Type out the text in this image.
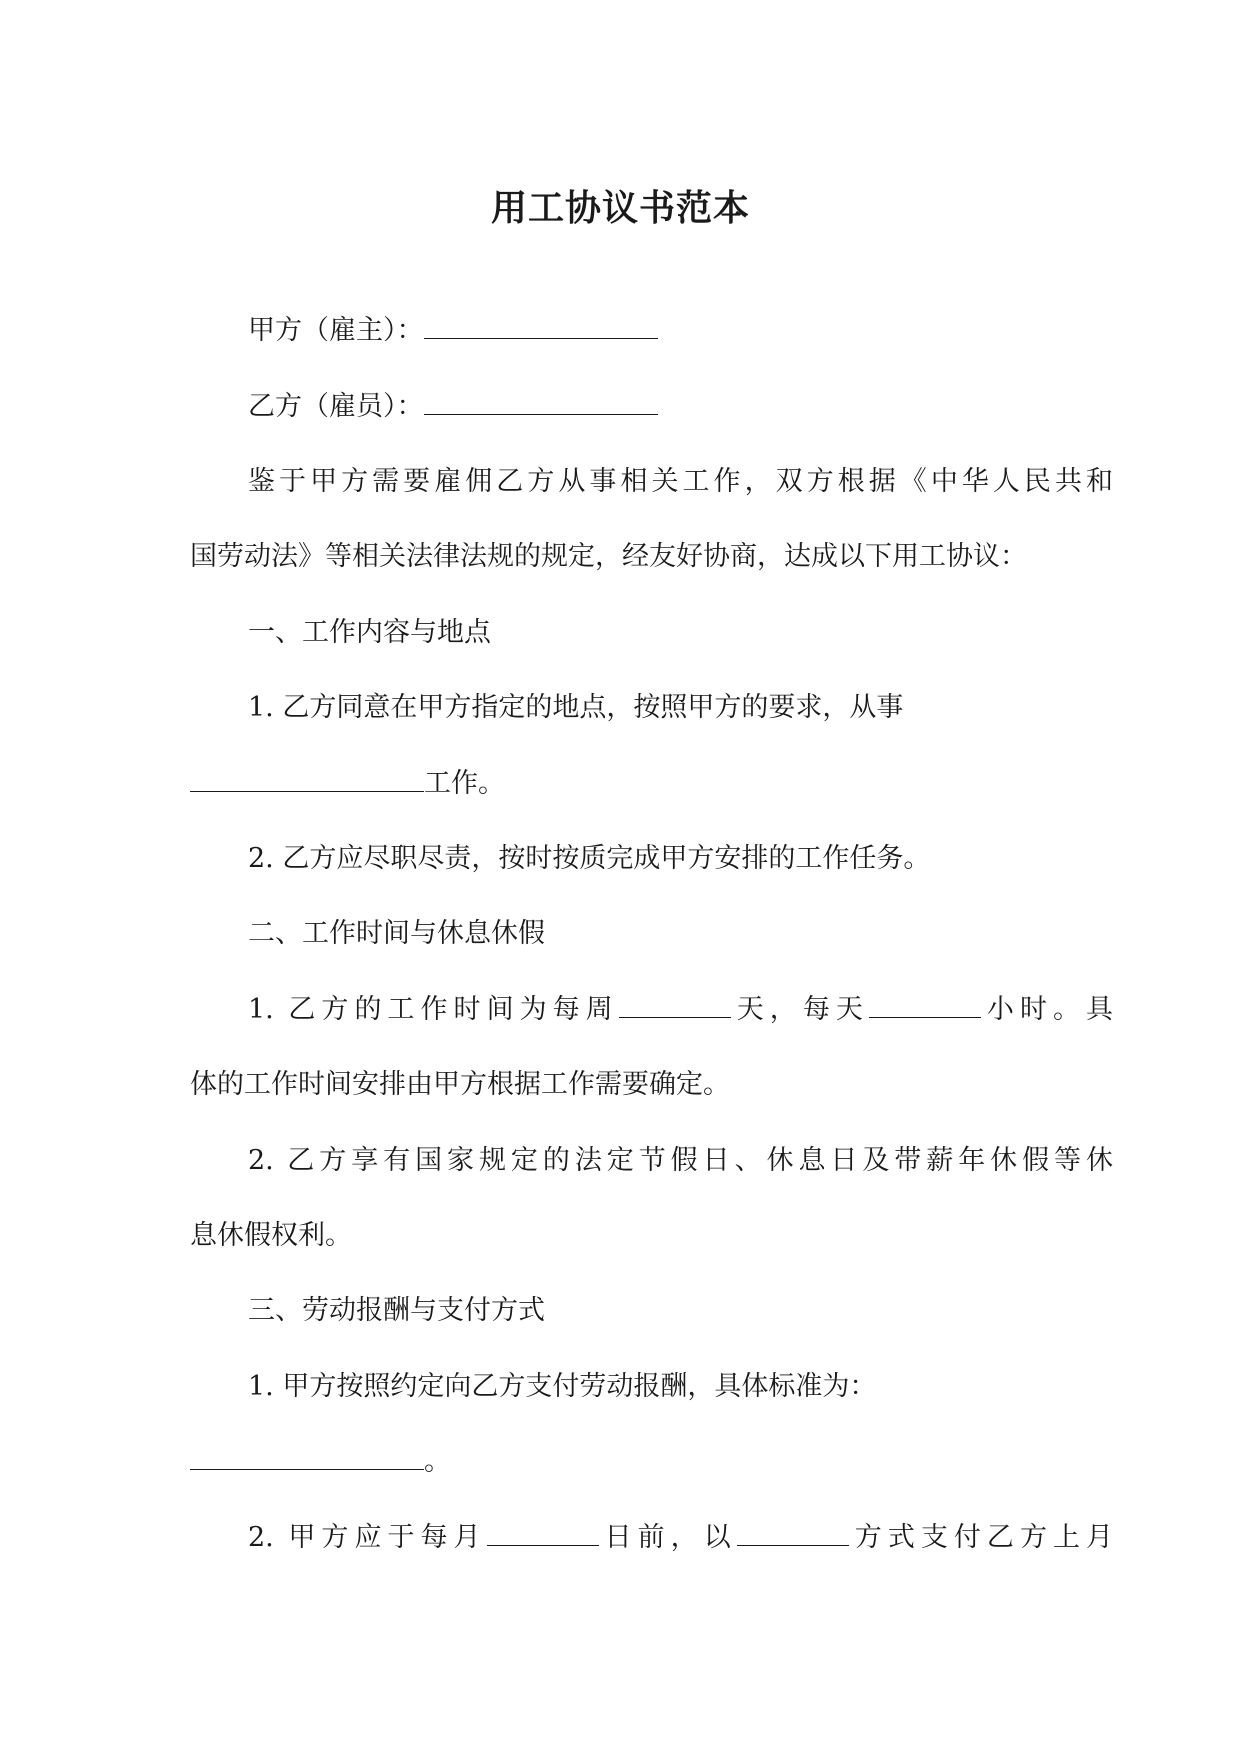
用工协议书范本
甲方（雇主）：
乙方（雇员）：
鉴于甲方需要雇佣乙方从事相关工作，双方根据《中华人民共和
国劳动法》等相关法律法规的规定，经友好协商，达成以下用工协议：
一、工作内容与地点
1. 乙方同意在甲方指定的地点，按照甲方的要求，从事
工作。
2. 乙方应尽职尽责，按时按质完成甲方安排的工作任务。
二、工作时间与休息休假
1. 乙方的工作时间为每周	天，每天	小时。具
体的工作时间安排由甲方根据工作需要确定。
2. 乙方享有国家规定的法定节假日、休息日及带薪年休假等休
息休假权利。
三、劳动报酬与支付方式
1. 甲方按照约定向乙方支付劳动报酬，具体标准为：
。
2. 甲方应于每月	日前，以	方式支付乙方上月
